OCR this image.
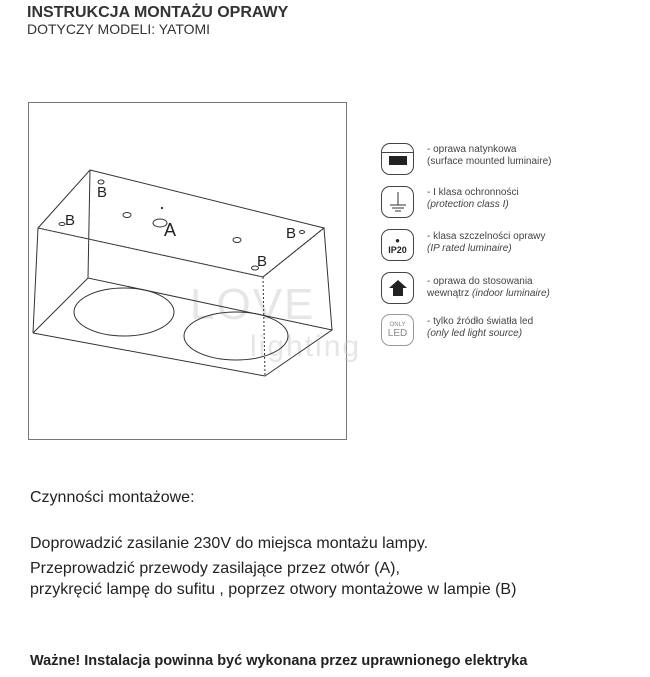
INSTRUKCJA MONTAŻU OPRAWY
DOTYCZY MODELI: YATOMI
LOVE
lighting
A
B
B
B
B
- oprawa natynkowa
(surface mounted luminaire)
- I klasa ochronności
(protection class I)
●
IP20
- klasa szczelności oprawy
(IP rated luminaire)
- oprawa do stosowania
wewnątrz (indoor luminaire)
ONLY
LED
- tylko źródło światła led
(only led light source)
Czynności montażowe:
Doprowadzić zasilanie 230V do miejsca montażu lampy.
Przeprowadzić przewody zasilające przez otwór (A),
przykręcić lampę do sufitu , poprzez otwory montażowe w lampie (B)
Ważne! Instalacja powinna być wykonana przez uprawnionego elektryka
